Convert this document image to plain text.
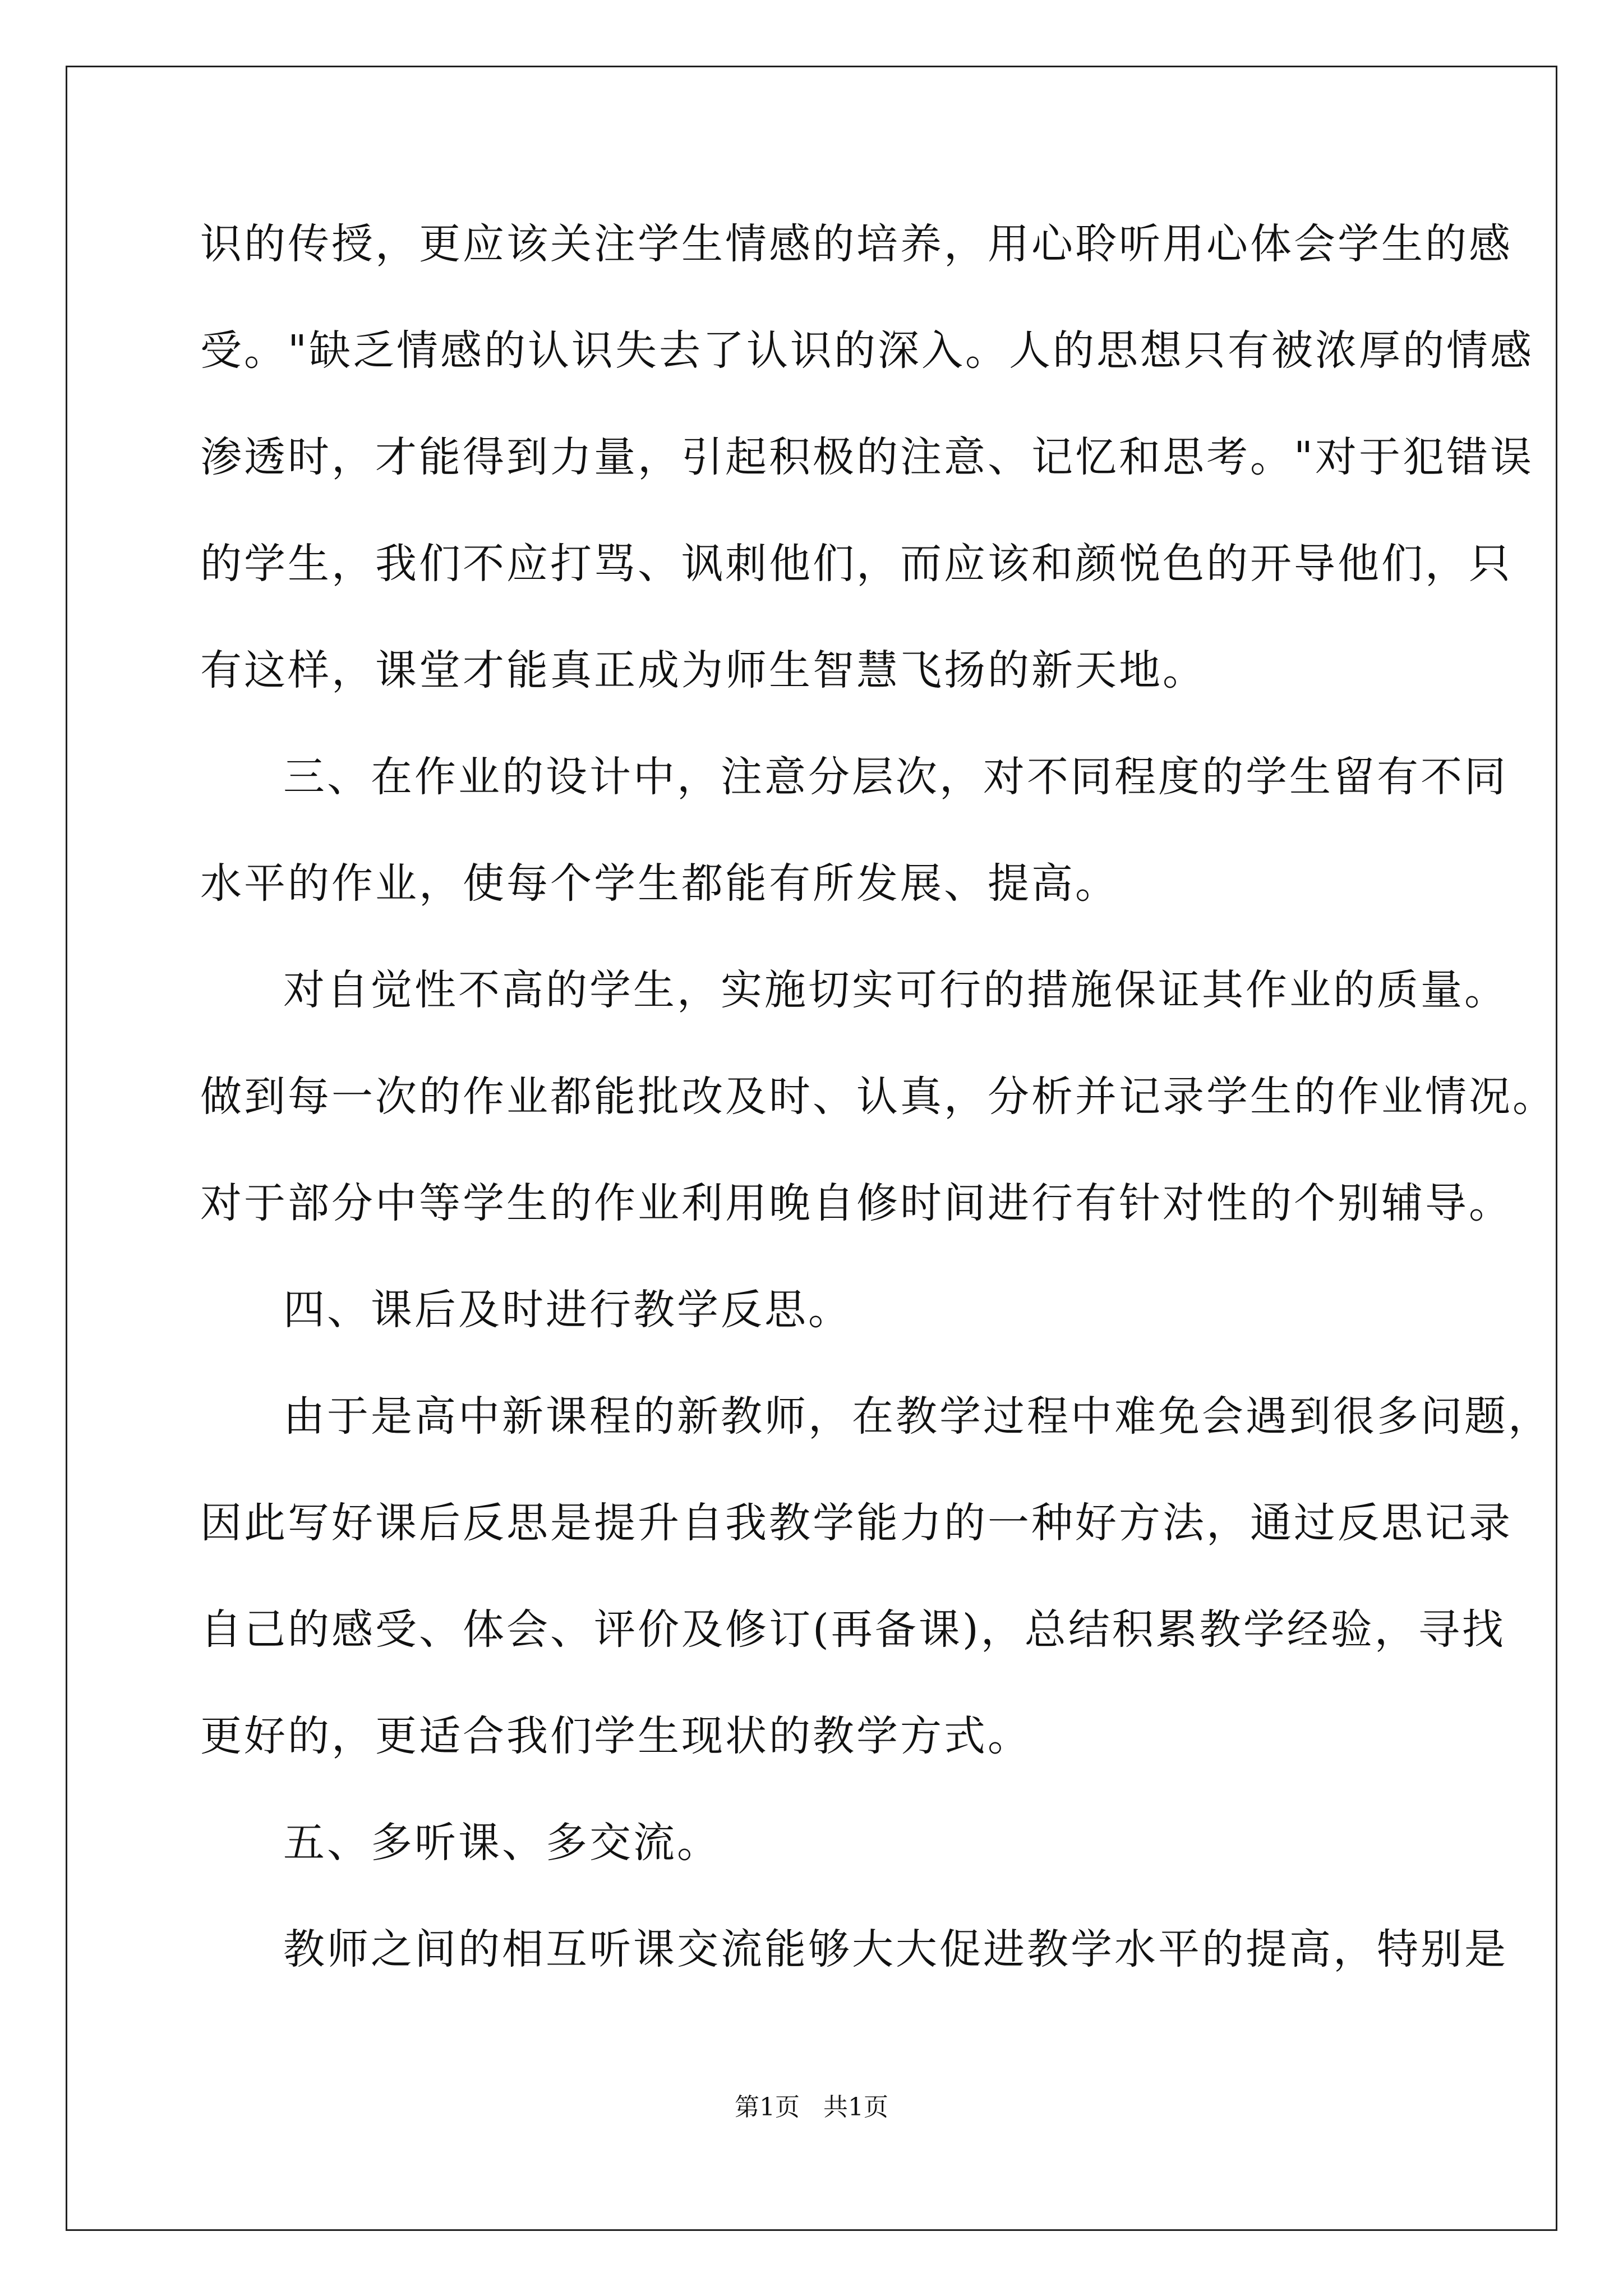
识的传授，更应该关注学生情感的培养，用心聆听用心体会学生的感
受。"缺乏情感的认识失去了认识的深入。人的思想只有被浓厚的情感
渗透时，才能得到力量，引起积极的注意、记忆和思考。"对于犯错误
的学生，我们不应打骂、讽刺他们，而应该和颜悦色的开导他们，只
有这样，课堂才能真正成为师生智慧飞扬的新天地。
三、在作业的设计中，注意分层次，对不同程度的学生留有不同
水平的作业，使每个学生都能有所发展、提高。
对自觉性不高的学生，实施切实可行的措施保证其作业的质量。
做到每一次的作业都能批改及时、认真，分析并记录学生的作业情况。
对于部分中等学生的作业利用晚自修时间进行有针对性的个别辅导。
四、课后及时进行教学反思。
由于是高中新课程的新教师，在教学过程中难免会遇到很多问题，
因此写好课后反思是提升自我教学能力的一种好方法，通过反思记录
自己的感受、体会、评价及修订(再备课)，总结积累教学经验，寻找
更好的，更适合我们学生现状的教学方式。
五、多听课、多交流。
教师之间的相互听课交流能够大大促进教学水平的提高，特别是
第1页   共1页
